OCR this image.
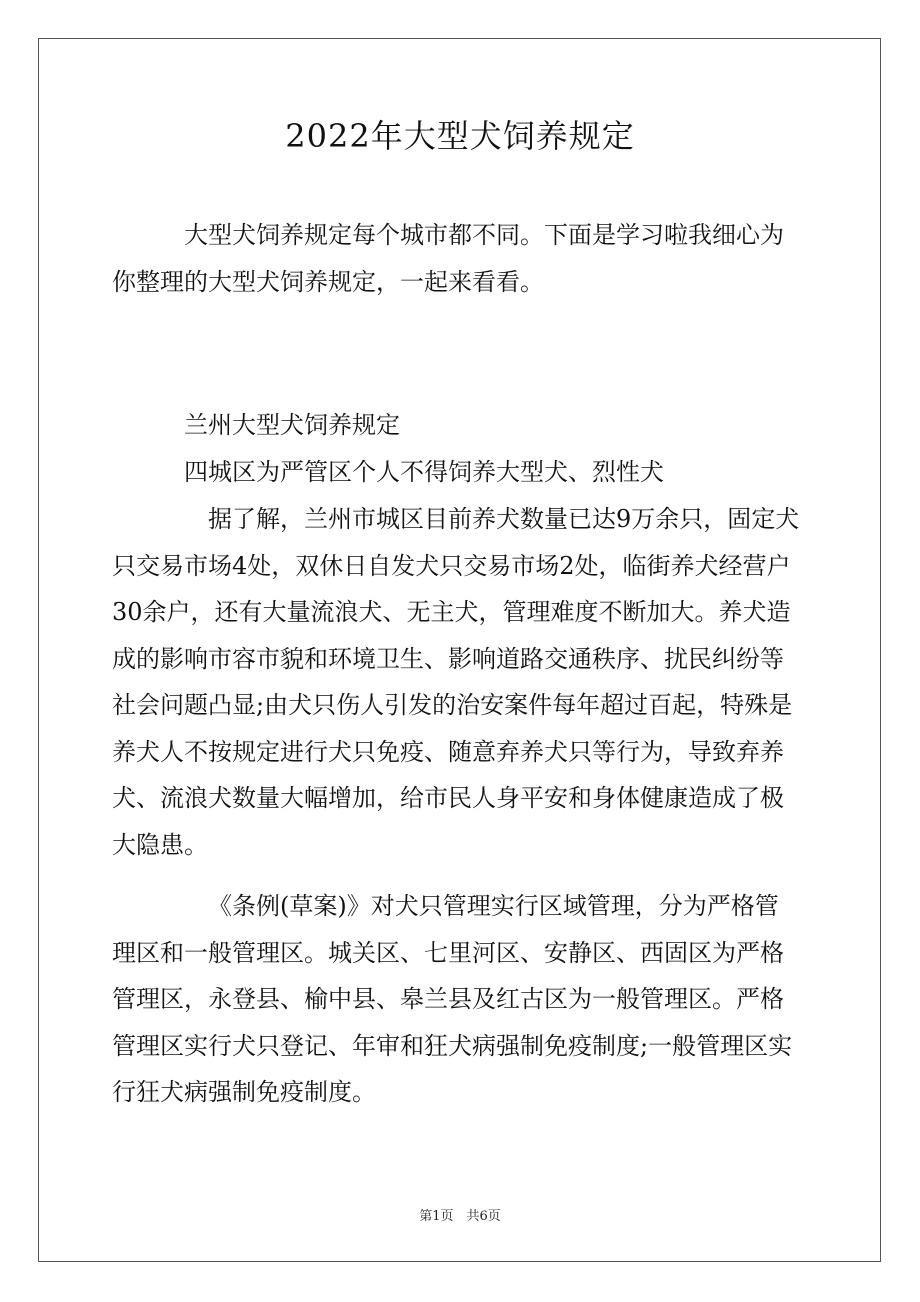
2022年大型犬饲养规定

大型犬饲养规定每个城市都不同。下面是学习啦我细心为你整理的大型犬饲养规定，一起来看看。

兰州大型犬饲养规定

四城区为严管区个人不得饲养大型犬、烈性犬

据了解，兰州市城区目前养犬数量已达9万余只，固定犬只交易市场4处，双休日自发犬只交易市场2处，临街养犬经营户30余户，还有大量流浪犬、无主犬，管理难度不断加大。养犬造成的影响市容市貌和环境卫生、影响道路交通秩序、扰民纠纷等社会问题凸显;由犬只伤人引发的治安案件每年超过百起，特殊是养犬人不按规定进行犬只免疫、随意弃养犬只等行为，导致弃养犬、流浪犬数量大幅增加，给市民人身平安和身体健康造成了极大隐患。

《条例(草案)》对犬只管理实行区域管理，分为严格管理区和一般管理区。城关区、七里河区、安静区、西固区为严格管理区，永登县、榆中县、皋兰县及红古区为一般管理区。严格管理区实行犬只登记、年审和狂犬病强制免疫制度;一般管理区实行狂犬病强制免疫制度。

第1页　共6页
